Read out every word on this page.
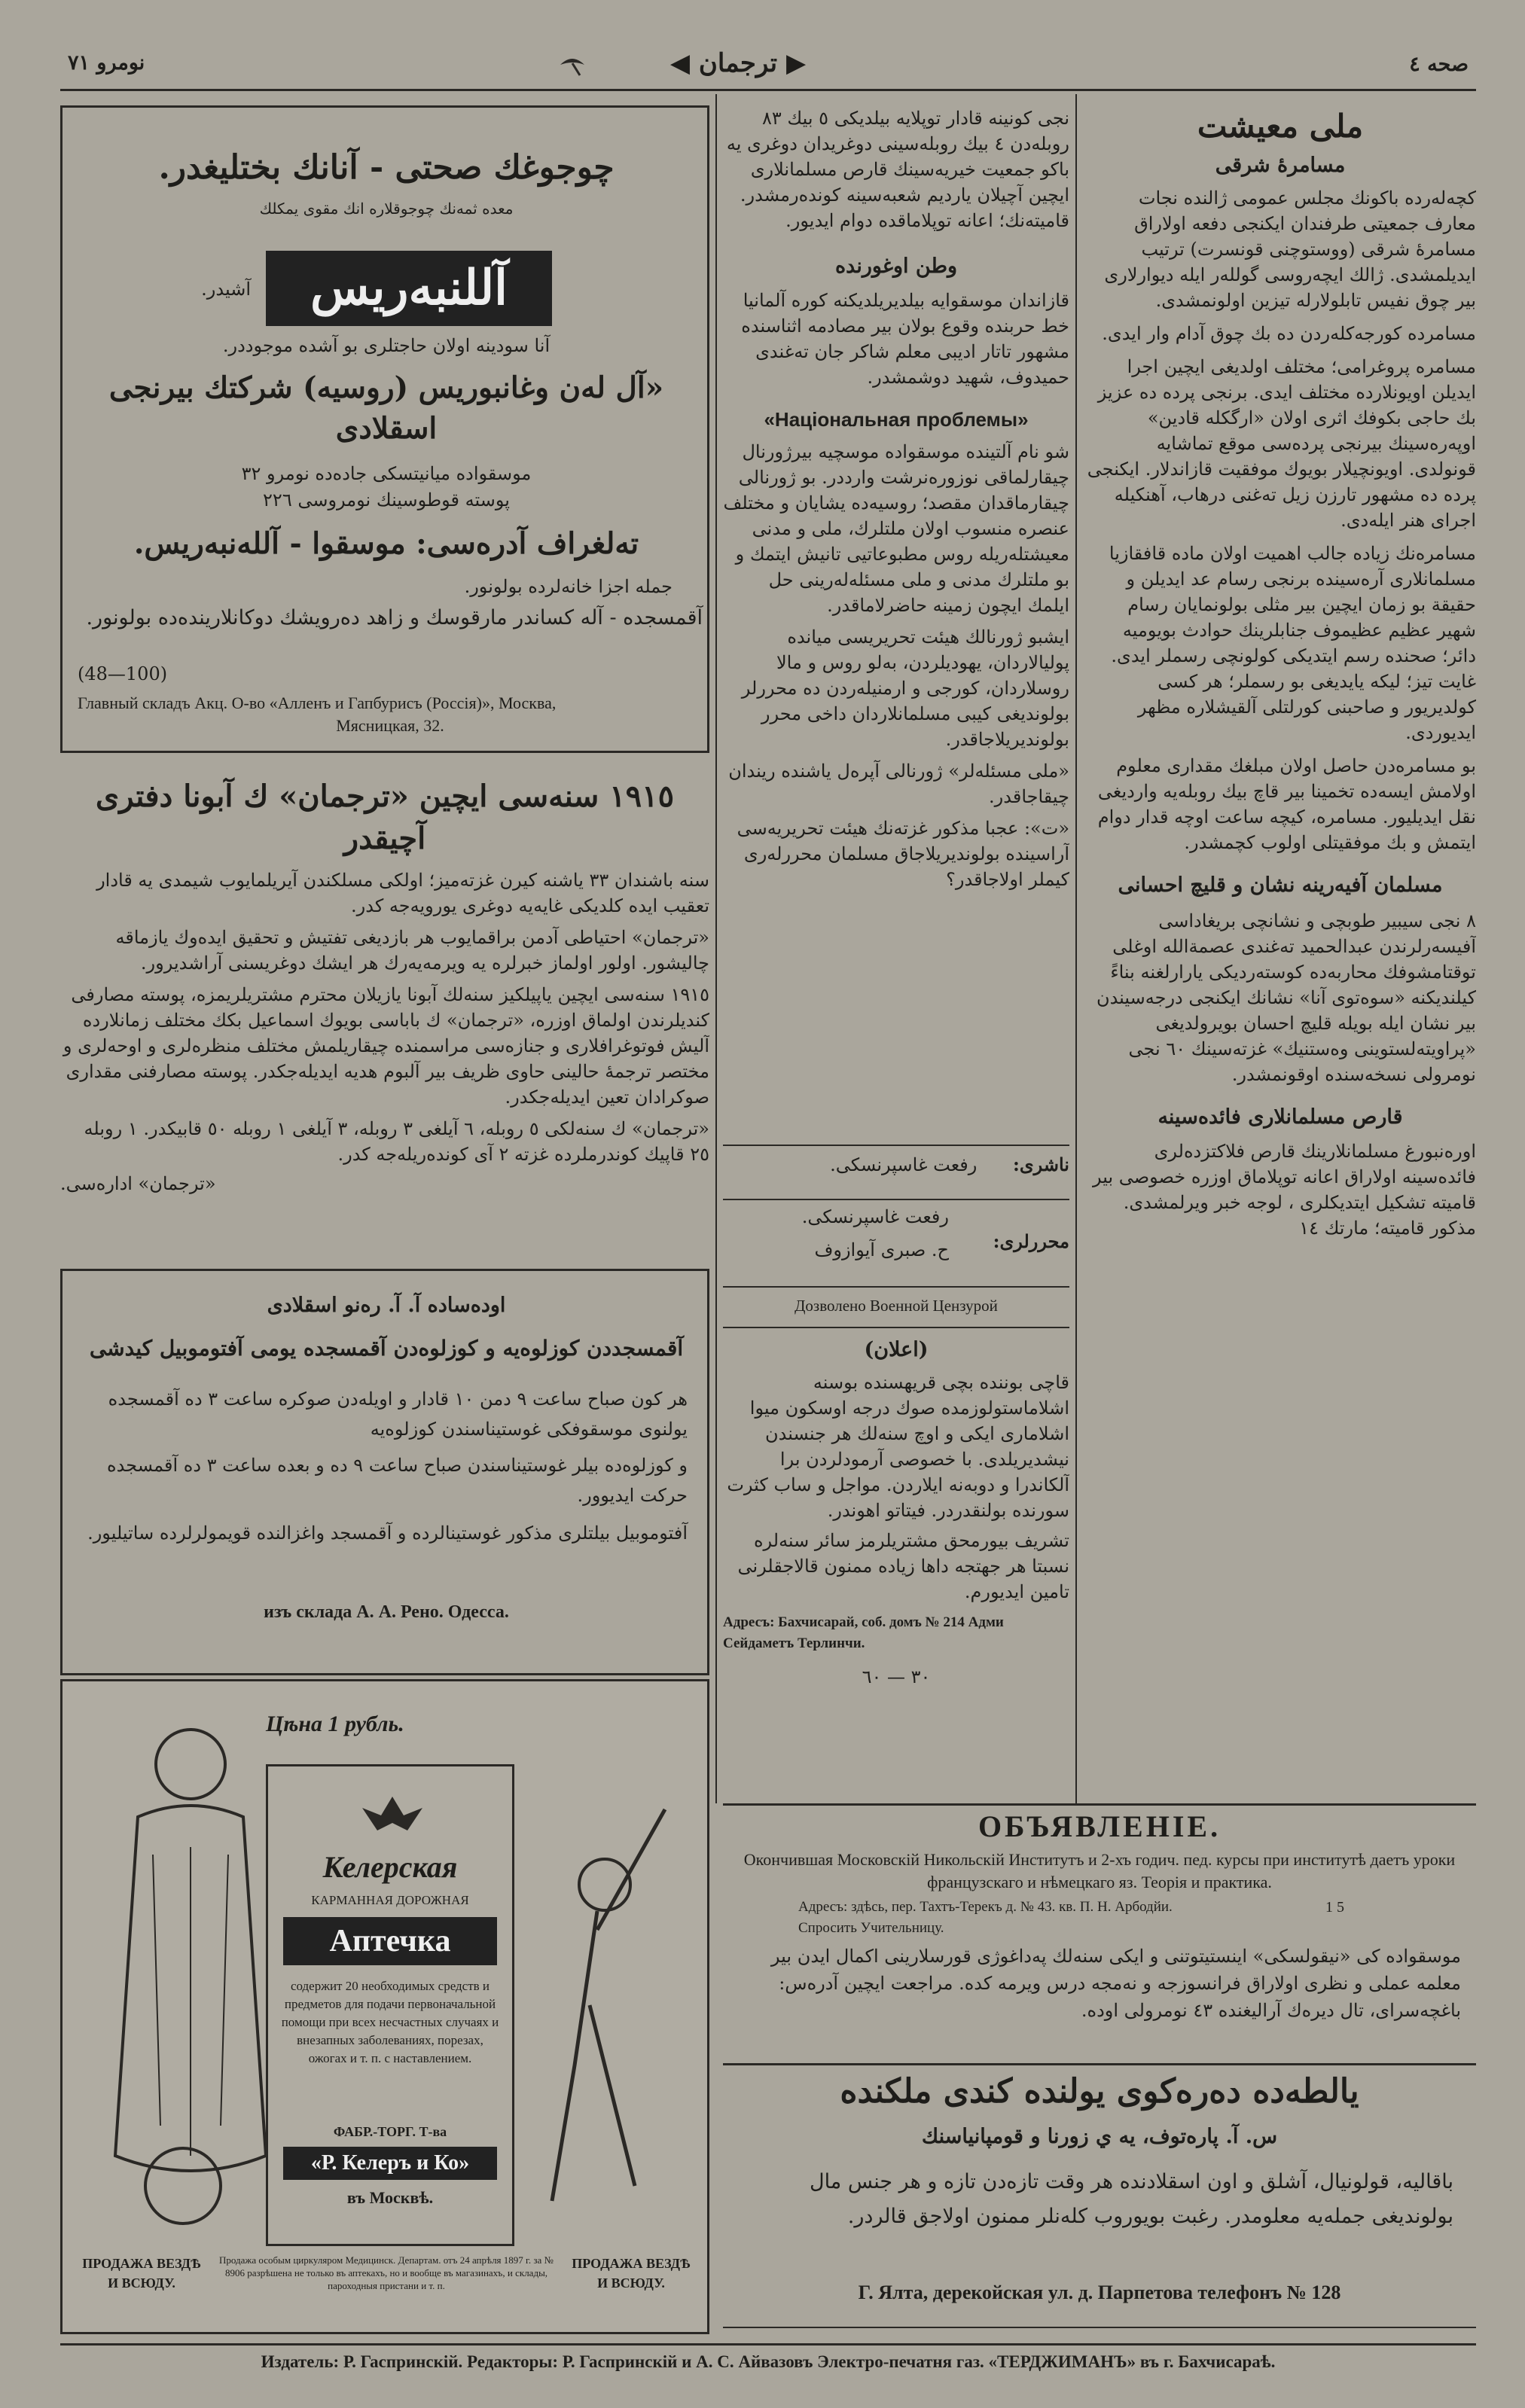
صحه ٤
◀ ترجمان ▶
نومرو ٧١
ملى معيشت
مسامرهٔ شرقى

كچەلەرده باكونك مجلس عمومى ژالنده نجات معارف جمعيتى طرفندان ايكنجى دفعه اولاراق مسامرهٔ شرقى (ووستوچنى قونسرت) ترتيب ايديلمشدى. ژالك ايچەروسى گوللەر ايله ديوارلارى بير چوق نفيس تابلولارله تيزين اولونمشدى.

مسامرده كورجەكلەردن ده بك چوق آدام وار ايدى.

مسامره پروغرامى؛ مختلف اولديغى ايچين اجرا ايديلن اويونلارده مختلف ايدى. برنجى پرده ده عزيز بك حاجى بكوفك اثرى اولان «ارگكلە قادين» اوپەرەسينك بيرنجى پردەسى موقع تماشايه قونولدى. اويونچيلار بويوك موفقيت قازاندلار. ايكنجى پرده ده مشهور تارزن زيل تەغنى درهاب، آهنكيله اجراى هنر ايلەدى.

مسامرەنك زياده جالب اهميت اولان ماده قافقازيا مسلمانلارى آرەسينده برنجى رسام عد ايديلن و حقيقة بو زمان ايچين بير مثلى بولونمايان رسام شهير عظيم عظيموف جنابلرينك حوادث بويوميه دائر؛ صحنده رسم ايتديكى كولونچى رسملر ايدى. غايت تيز؛ ليكه يايديغى بو رسملر؛ هر كسى كولديريور و صاحبنى كورلتلى آلقيشلاره مظهر ايديوردى.

بو مسامرەدن حاصل اولان مبلغك مقدارى معلوم اولامش ايسەده تخمينا بير قاچ بيك روبلەيه وارديغى نقل ايديليور. مسامره، كيچه ساعت اوچه قدار دوام ايتمش و بك موفقيتلى اولوب كچمشدر.

مسلمان آفيەرينه نشان و قليچ احسانى

٨ نجى سيبير طوبچى و نشانچى بريغاداسى آفيسەرلرندن عبدالحميد تەغندى عصمةالله اوغلى توقتامشوفك محاربەده كوستەرديكى يارارلغنه بناءً كيلنديكنه «سوەتوى آنا» نشانك ايكنجى درجەسيندن بير نشان ايله بويله قليچ احسان بويرولديغى «پراويتەلستوينى وەستنيك» غزتەسينك ٦٠ نجى نومرولى نسخەسنده اوقونمشدر.

قارص مسلمانلارى فائدەسينه

اورەنبورغ مسلمانلارينك قارص فلاكتزدەلرى فائدەسينه اولاراق اعانه توپلاماق اوزره خصوصى بير قاميته تشكيل ايتديكلرى ، لوجه خبر ويرلمشدى. مذكور قاميته؛ مارتك ١٤

نجى كونينه قادار توپلايه بيلديكى ٥ بيك ٨٣ روبلەدن ٤ بيك روبلەسينى دوغريدان دوغرى يه باكو جمعيت خيريەسينك قارص مسلمانلارى ايچين آچيلان يارديم شعبەسينه كوندەرمشدر. قاميتەنك؛ اعانه توپلاماقده دوام ايديور.

وطن اوغورنده

قازاندان موسقوايه بيلديريلديكنه كوره آلمانيا خط حربنده وقوع بولان بير مصادمه اثناسنده مشهور تاتار اديبى معلم شاكر جان تەغندى حميدوف، شهيد دوشمشدر.

«Національная проблемы»

شو نام آلتينده موسقوادە موسچيه بيرژورنال چيقارلماقى نوزورەنرشت وارددر. بو ژورنالى چيقارماقدان مقصد؛ روسيەده يشايان و مختلف عنصره منسوب اولان ملتلرك، ملى و مدنى معيشتلەريله روس مطبوعاتيى تانيش ايتمك و بو ملتلرك مدنى و ملى مسئلەلەرينى حل ايلمك ايچون زمينه حاضرلاماقدر.

ايشبو ژورنالك هيئت تحريريسى ميانده پوليالاردان، يهوديلردن، بەلو روس و مالا روسلاردان، كورجى و ارمنيلەردن ده محررلر بولونديغى كيبى مسلمانلاردان داخى محرر بولونديريلاجاقدر.

«ملى مسئلەلر» ژورنالى آپرەل ياشنده ريندان چيقاجاقدر.

«ت»: عجبا مذكور غزتەنك هيئت تحريريەسى آراسينده بولونديريلاجاق مسلمان محررلەرى كيملر اولاجاقدر؟

ناشرى: رفعت غاسپرنسكى.
محررلرى:
رفعت غاسپرنسكى.
ح. صبرى آيوازوف
Дозволено Военной Цензурой
(اعلان)

قاچى بوننده بچى قريهسنده بوسنه اشلاماستولوزمده صوك درجه اوسكون ميوا اشلاماری ایکی و اوچ سنه‌لك هر جنسندن نیشدیریلدی. با خصوصی آرمودلردن برا آلكاندرا و دوبه‌نه ایلاردن. مواجل و ساب كثرت سورنده بولنقدردر. فیتاتو اهوندر.

تشریف بیورمحق مشتریلرمز سائر سنه‌لره نسبتا هر جهتجه داها زیاده ممنون قالاجقلرنی تامین ایدیورم.

Адресъ: Бахчисарай, соб. домъ № 214 Адми Сейдаметъ Терлинчи.

٣٠ — ٦٠
چوجوغك صحتى - آنانك بختليغدر.
معده ثمه‌نك چوجوقلاره انك مقوى يمكلك
آللنبه‌ريس
آشيدر.
آنا سودينه اولان حاجتلرى بو آشده موجوددر.
«آل له‌ن وغانبوريس (روسيه) شركتك بيرنجى اسقلادى
موسقواده ميانيتسكى جاده‌ده نومرو ٣٢
پوسته قوطوسينك نومروسى ٢٢٦
ته‌لغراف آدره‌سى: موسقوا - آلله‌نبه‌ريس.
جمله اجزا خانه‌لرده بولونور.
آقمسجده - آله كساندر مارقوسك و زاهد ده‌رويشك دوكانلارينده‌ده بولونور.
(48—100)
Главный складъ Акц. О-во «Алленъ и Гапбурисъ (Россія)», Москва,
Мясницкая, 32.
١٩١٥ سنه‌سى ايچين «ترجمان» ك آبونا دفترى آچيقدر

سنه باشندان ٣٣ ياشنه كيرن غزته‌ميز؛ اولكى مسلكندن آيريلمايوب شيمدى يه قادار تعقيب ايده كلديكى غايه‌يه دوغرى يورويه‌جه كدر.

«ترجمان» احتياطى آدمن براقمايوب هر بازديغى تفتيش و تحقيق ايدەوك يازماقه چاليشور. اولور اولماز خبرلره يه ويرمه‌يه‌رك هر ايشك دوغريسنى آراشديرور.

١٩١٥ سنه‌سى ايچين ياپيلكيز سنه‌لك آبونا يازيلان محترم مشتريلريمزه، پوسته مصارفى كنديلرندن اولماق اوزره، «ترجمان» ك باباسى بويوك اسماعيل بكك مختلف زمانلارده آليش فوتوغرافلارى و جنازه‌سى مراسمنده چيقاريلمش مختلف منظره‌لرى و اوحه‌لرى و مختصر ترجمهٔ حالينى حاوى ظريف بير آلبوم هديه ايديله‌جكدر. پوسته مصارفنى مقدارى صوكرادان تعين ايديله‌جكدر.

«ترجمان» ك سنه‌لكى ٥ روبله، ٦ آيلغى ٣ روبله، ٣ آيلغى ١ روبله ٥٠ قابيكدر. ١ روبله ٢٥ قاپيك كوندرملرده غزته ٢ آى كونده‌ريله‌جه كدر.

«ترجمان» اداره‌سى.
اوده‌ساده آ. آ. ره‌نو اسقلادى
آقمسجددن كوزلوه‌يه و كوزلوه‌دن آقمسجده يومى آفتوموبيل كيدشى
هر كون صباح ساعت ٩ دمن ١٠ قادار و اويله‌دن صوكره ساعت ٣ ده آقمسجده يولنوى موسقوفكى غوستيناسندن كوزلوه‌يه
و كوزلوه‌ده بيلر غوستيناسندن صباح ساعت ٩ ده و بعده ساعت ٣ ده آقمسجده حركت ايديوور.
آفتوموبيل بيلتلرى مذكور غوستينالرده و آقمسجد واغزالنده قويمولرلرده ساتيليور.
изъ склада А. А. Рено. Одесса.
Цѣна 1 рубль.
Келерская
КАРМАННАЯ ДОРОЖНАЯ
Аптечка
содержит 20 необходимых средств и предметов для подачи первоначальной помощи при всех несчастных случаях и внезапных заболеваниях, порезах, ожогах и т. п. с наставлением.
ФАБР.-ТОРГ. Т-ва
«Р. Келеръ и Ко»
въ Москвѣ.
Продажа особым циркуляром Медицинск. Департам. отъ 24 апрѣля 1897 г. за № 8906 разрѣшена не только въ аптекахъ, но и вообще въ магазинахъ, и склады, пароходныя пристани и т. п.
ПРОДАЖА ВЕЗДѢ И ВСЮДУ.
ПРОДАЖА ВЕЗДѢ И ВСЮДУ.
ОБЪЯВЛЕНІЕ.
Окончившая Московскій Никольскій Институтъ и 2-хъ годич. пед. курсы при институтѣ даетъ уроки французскаго и нѣмецкаго яз. Теорія и практика.
Адресъ: здѣсь, пер. Тахтъ-Терекъ д. № 43. кв. П. Н. Арбодйи.
Спросить Учительницу.
1 5
موسقواده كى «نيقولسكى» اينستيتوتنى و ايكى سنه‌لك پەداغوژى قورسلارينى اكمال ايدن بير معلمه عملى و نظرى اولاراق فرانسوزجه و نەمجه درس ويرمه كده. مراجعت ايچين آدرەس: باغچەسراى، تال ديرەك آراليغنده ٤٣ نومرولى اوده.
يالطه‌ده دەره‌كوى يولنده كندى ملكنده
س. آ. پاره‌توف، يه ي زورنا و قومپانياسنك
باقاليه، قولونيال، آشلق و اون اسقلادنده هر وقت تازەدن تازه و هر جنس مال بولونديغى جمله‌يه معلومدر. رغبت بويوروب كلەنلر ممنون اولاجق قالردر.
Г. Ялта, дерекойская ул. д. Парпетова телефонъ № 128
Издатель: Р. Гаспринскій. Редакторы: Р. Гаспринскій и А. С. Айвазовъ Электро-печатня газ. «ТЕРДЖИМАНЪ» въ г. Бахчисараѣ.
